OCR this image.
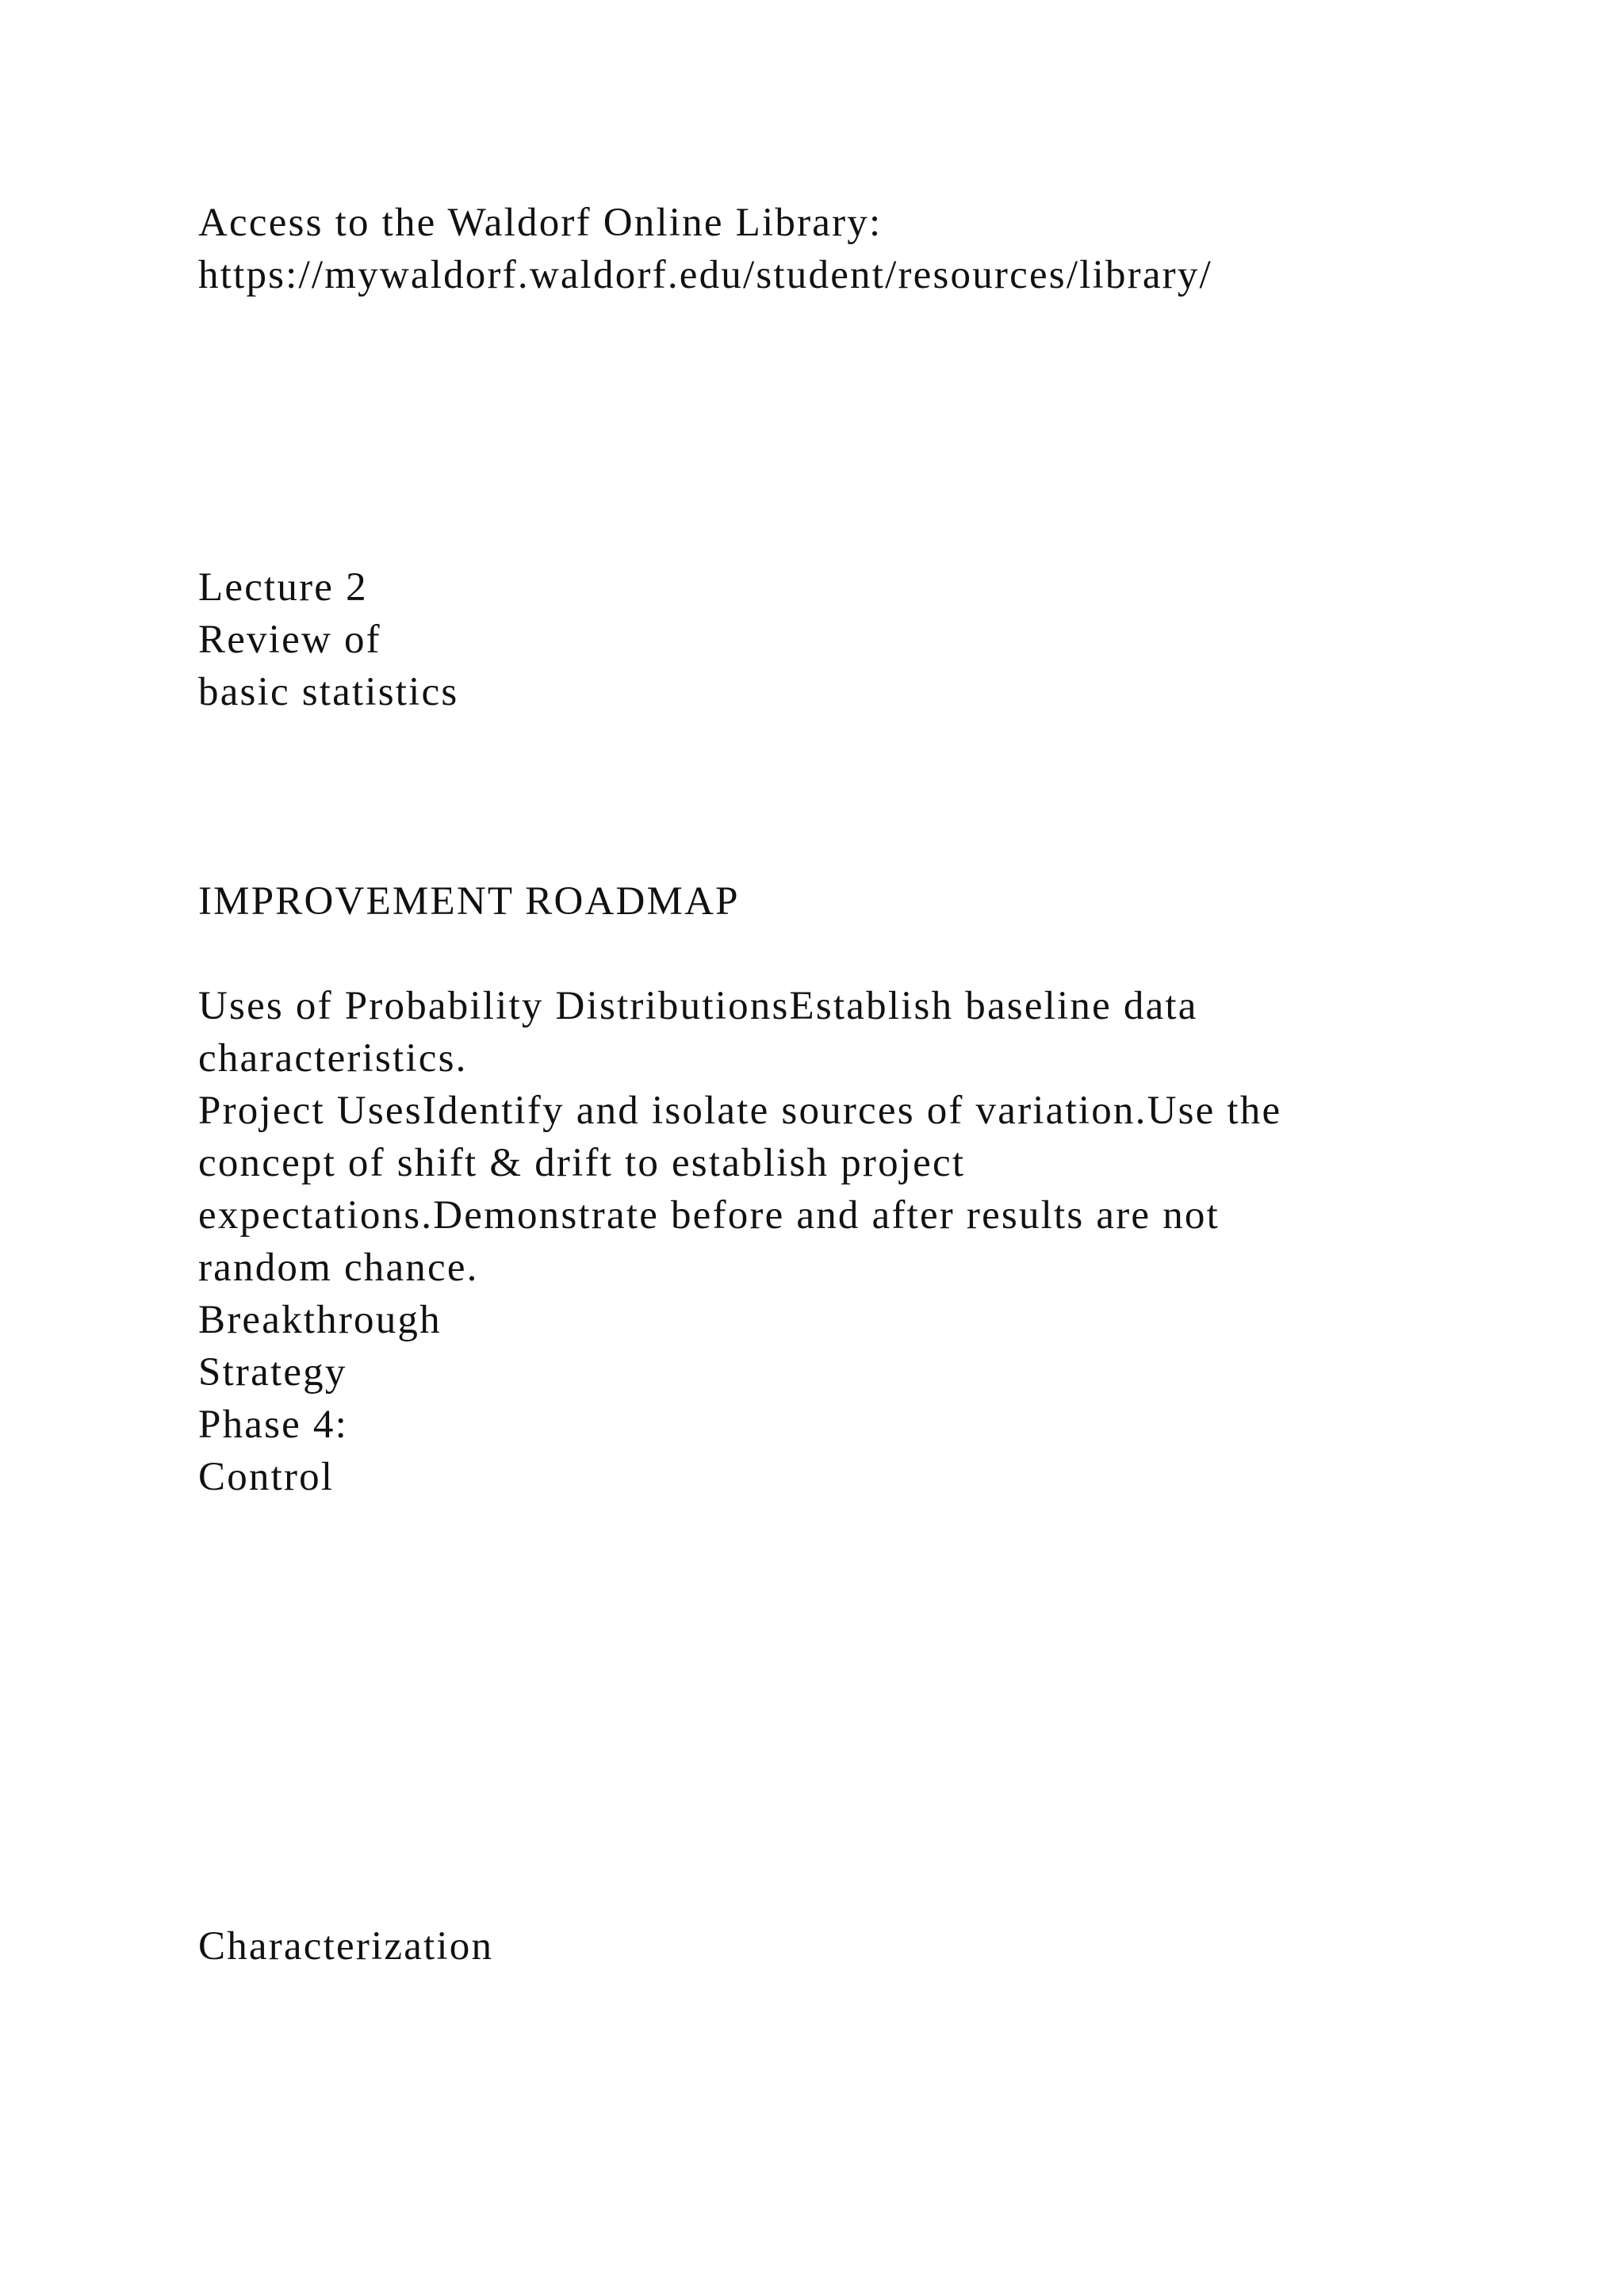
Access to the Waldorf Online Library:

https://mywaldorf.waldorf.edu/student/resources/library/

Lecture 2

Review of

basic statistics

IMPROVEMENT ROADMAP

Uses of Probability DistributionsEstablish baseline data

characteristics.

Project UsesIdentify and isolate sources of variation.Use the

concept of shift & drift to establish project

expectations.Demonstrate before and after results are not

random chance.

Breakthrough

Strategy

Phase 4:

Control

Characterization
